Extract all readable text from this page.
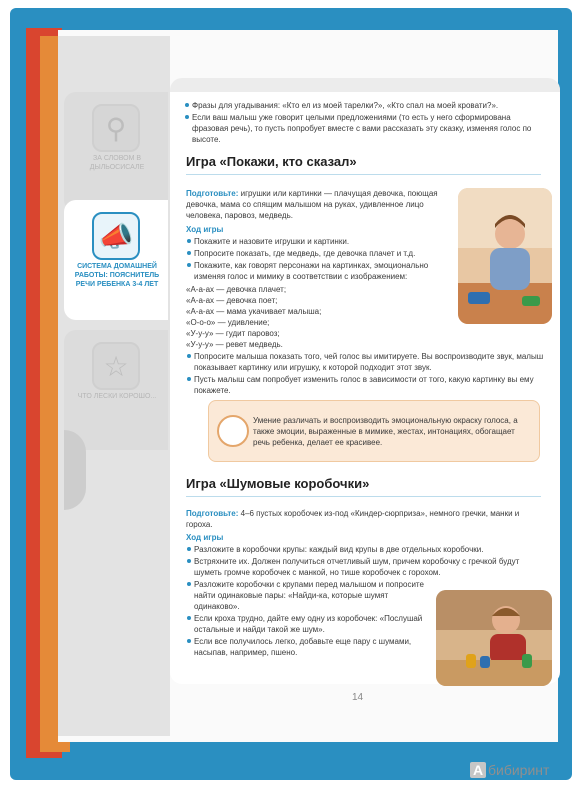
⚲
ЗА СЛОВОМ В ДЫЛЬОСИСАЛЕ
📣
СИСТЕМА ДОМАШНЕЙ РАБОТЫ: ПОЯСНИТЕЛЬ РЕЧИ РЕБЕНКА 3-4 ЛЕТ
☆
ЧТО ЛЕСКИ КОРОШО...
Фразы для угадывания: «Кто ел из моей тарелки?», «Кто спал на моей кровати?».
Если ваш малыш уже говорит целыми предложениями (то есть у него сформирована фразовая речь), то пусть попробует вместе с вами рассказать эту сказку, изменяя голос по высоте.
Игра «Покажи, кто сказал»
Подготовьте: игрушки или картинки — плачущая девочка, поющая девочка, мама со спящим малышом на руках, удивленное лицо человека, паровоз, медведь.
Ход игры
Покажите и назовите игрушки и картинки.
Попросите показать, где медведь, где девочка плачет и т.д.
Покажите, как говорят персонажи на картинках, эмоционально изменяя голос и мимику в соответствии с изображением:
«А-а-ах — девочка плачет;
«А-а-ах — девочка поет;
«А-а-ах — мама укачивает малыша;
«О-о-о» — удивление;
«У-у-у» — гудит паровоз;
«У-у-у» — ревет медведь.
Попросите малыша показать того, чей голос вы имитируете. Вы воспроизводите звук, малыш показывает картинку или игрушку, к которой подходит этот звук.
Пусть малыш сам попробует изменить голос в зависимости от того, какую картинку вы ему покажете.
Умение различать и воспроизводить эмоциональную окраску голоса, а также эмоции, выраженные в мимике, жестах, интонациях, обогащает речь ребенка, делает ее красивее.
Игра «Шумовые коробочки»
Подготовьте: 4–6 пустых коробочек из-под «Киндер-сюрприза», немного гречки, манки и гороха.
Ход игры
Разложите в коробочки крупы: каждый вид крупы в две отдельных коробочки.
Встряхните их. Должен получиться отчетливый шум, причем коробочку с гречкой будут шуметь громче коробочек с манкой, но тише коробочек с горохом.
Разложите коробочки с крупами перед малышом и попросите найти одинаковые пары: «Найди-ка, которые шумят одинаково».
Если кроха трудно, дайте ему одну из коробочек: «Послушай остальные и найди такой же шум».
Если все получилось легко, добавьте еще пару с шумами, насыпав, например, пшено.
14
A бибиринт
